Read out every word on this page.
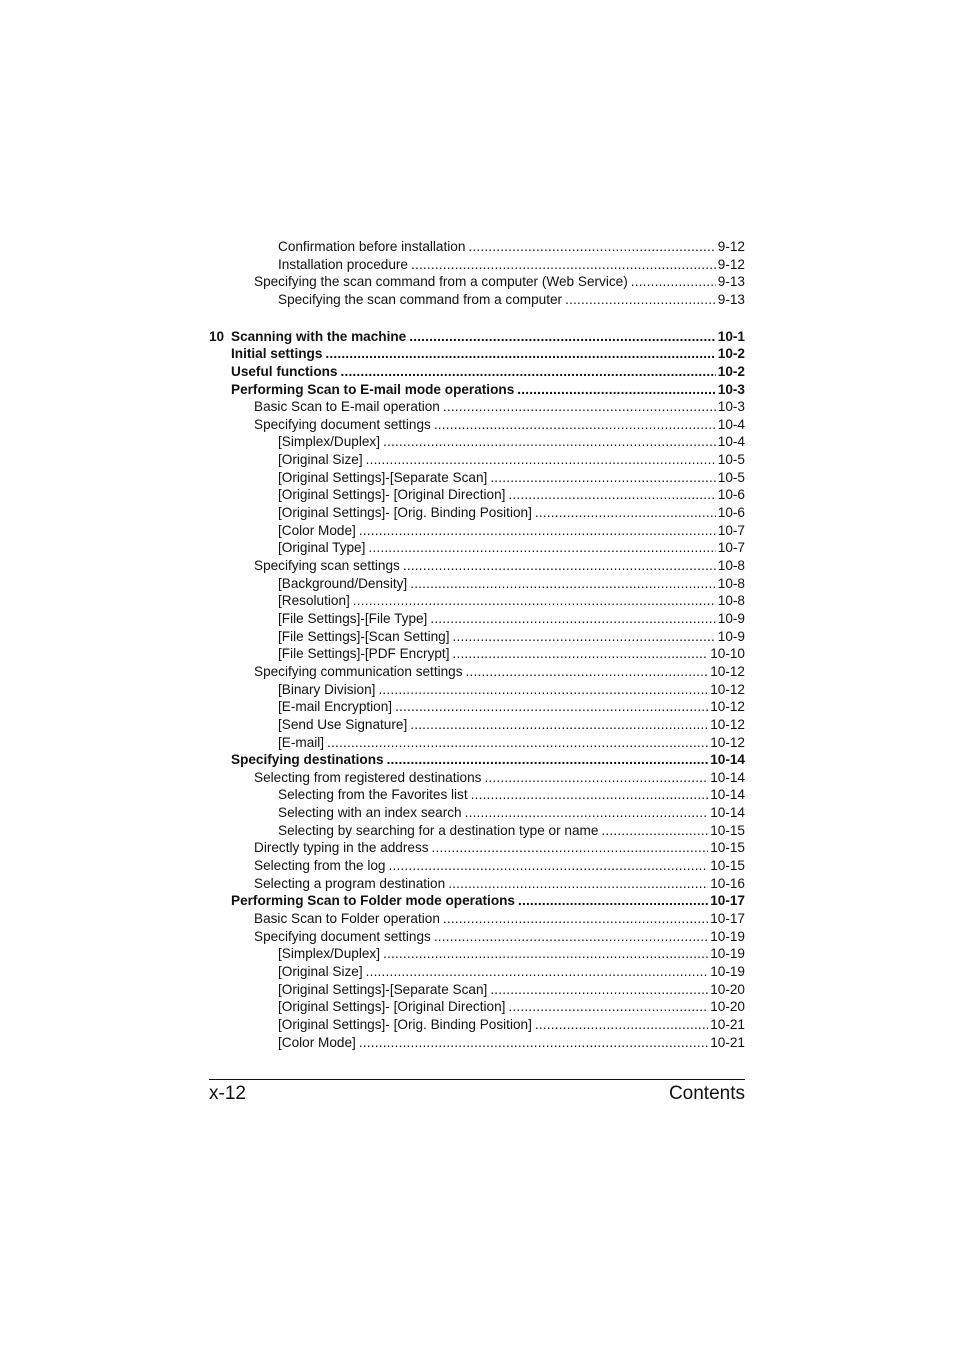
Confirmation before installation .....	9-12
Installation procedure .....	9-12
Specifying the scan command from a computer (Web Service) .....	9-13
Specifying the scan command from a computer .....	9-13
10 Scanning with the machine .....	10-1
Initial settings .....	10-2
Useful functions .....	10-2
Performing Scan to E-mail mode operations .....	10-3
Basic Scan to E-mail operation .....	10-3
Specifying document settings .....	10-4
[Simplex/Duplex] .....	10-4
[Original Size] .....	10-5
[Original Settings]-[Separate Scan] .....	10-5
[Original Settings]- [Original Direction] .....	10-6
[Original Settings]- [Orig. Binding Position] .....	10-6
[Color Mode] .....	10-7
[Original Type] .....	10-7
Specifying scan settings .....	10-8
[Background/Density] .....	10-8
[Resolution] .....	10-8
[File Settings]-[File Type] .....	10-9
[File Settings]-[Scan Setting] .....	10-9
[File Settings]-[PDF Encrypt] .....	10-10
Specifying communication settings .....	10-12
[Binary Division] .....	10-12
[E-mail Encryption] .....	10-12
[Send Use Signature] .....	10-12
[E-mail] .....	10-12
Specifying destinations .....	10-14
Selecting from registered destinations .....	10-14
Selecting from the Favorites list .....	10-14
Selecting with an index search .....	10-14
Selecting by searching for a destination type or name .....	10-15
Directly typing in the address .....	10-15
Selecting from the log .....	10-15
Selecting a program destination .....	10-16
Performing Scan to Folder mode operations .....	10-17
Basic Scan to Folder operation .....	10-17
Specifying document settings .....	10-19
[Simplex/Duplex] .....	10-19
[Original Size] .....	10-19
[Original Settings]-[Separate Scan] .....	10-20
[Original Settings]- [Original Direction] .....	10-20
[Original Settings]- [Orig. Binding Position] .....	10-21
[Color Mode] .....	10-21
x-12	Contents
